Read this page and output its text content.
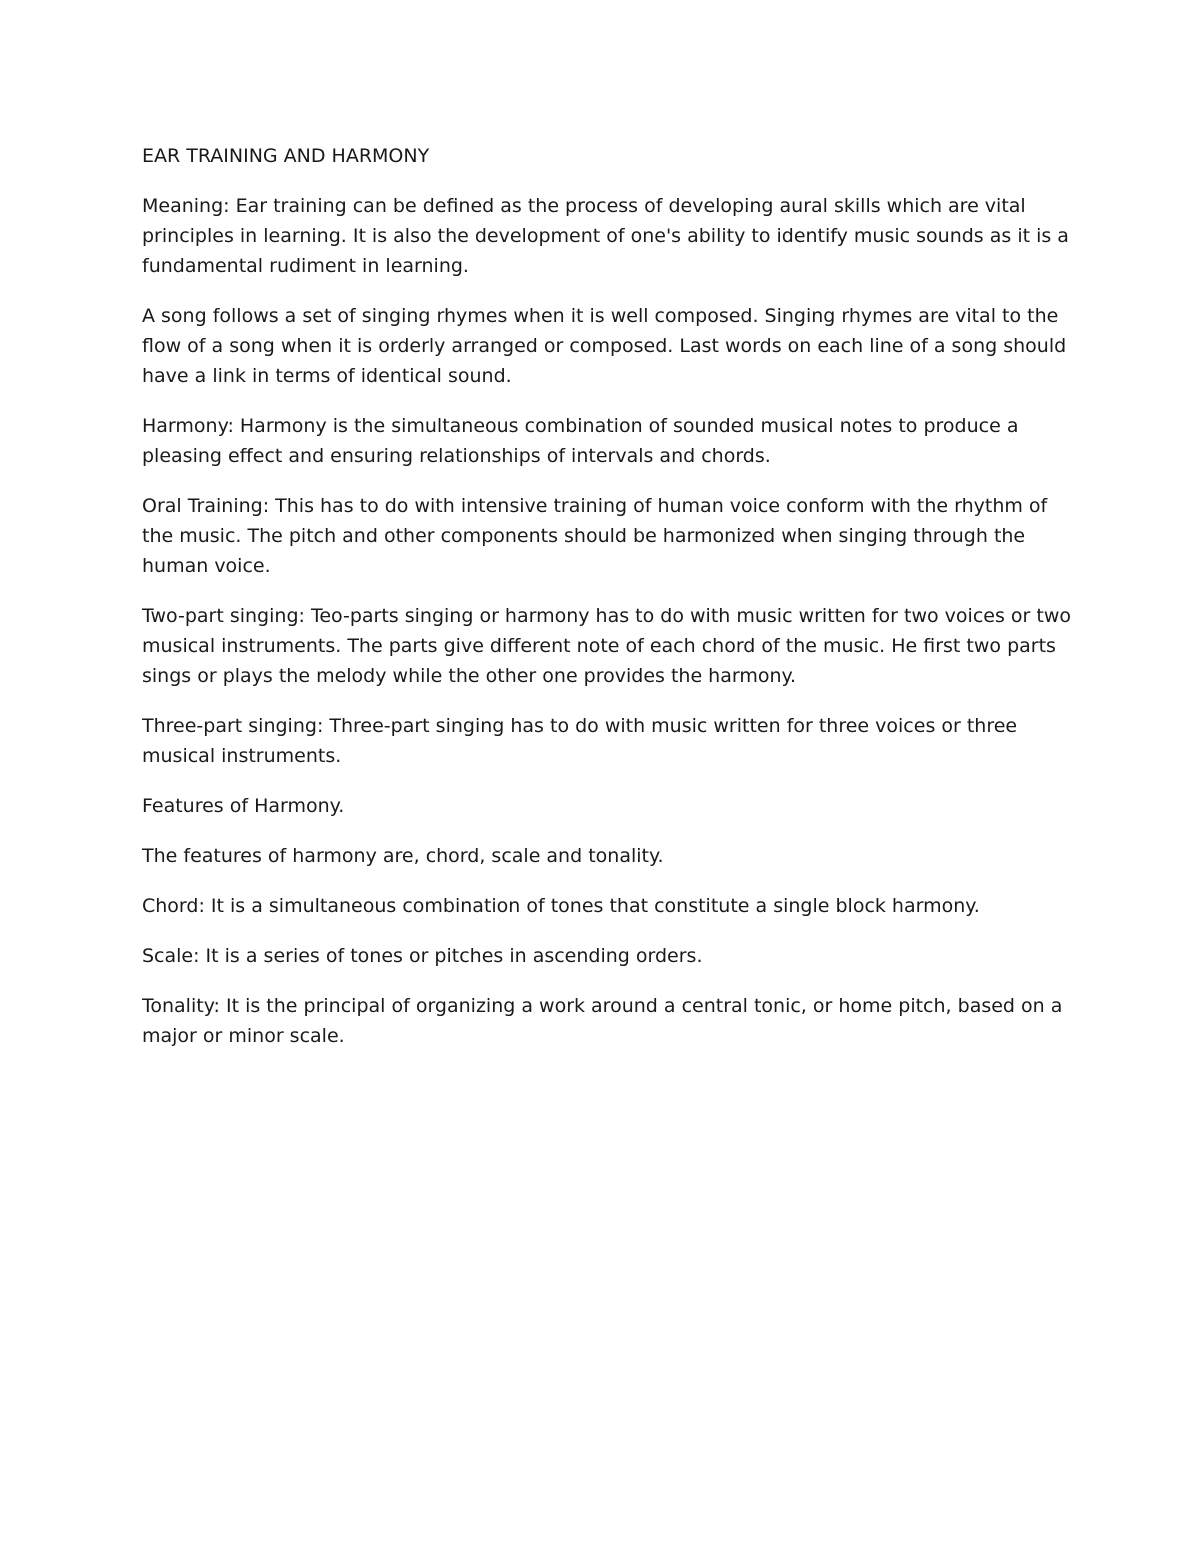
EAR TRAINING AND HARMONY

Meaning: Ear training can be defined as the process of developing aural skills which are vital principles in learning. It is also the development of one's ability to identify music sounds as it is a fundamental rudiment in learning.

A song follows a set of singing rhymes when it is well composed. Singing rhymes are vital to the flow of a song when it is orderly arranged or composed. Last words on each line of a song should have a link in terms of identical sound.

Harmony: Harmony is the simultaneous combination of sounded musical notes to produce a pleasing effect and ensuring relationships of intervals and chords.

Oral Training: This has to do with intensive training of human voice conform with the rhythm of the music. The pitch and other components should be harmonized when singing through the human voice.

Two-part singing: Teo-parts singing or harmony has to do with music written for two voices or two musical instruments. The parts give different note of each chord of the music. He first two parts sings or plays the melody while the other one provides the harmony.

Three-part singing: Three-part singing has to do with music written for three voices or three musical instruments.

Features of Harmony.

The features of harmony are, chord, scale and tonality.

Chord: It is a simultaneous combination of tones that constitute a single block harmony.

Scale: It is a series of tones or pitches in ascending orders.

Tonality: It is the principal of organizing a work around a central tonic, or home pitch, based on a major or minor scale.
